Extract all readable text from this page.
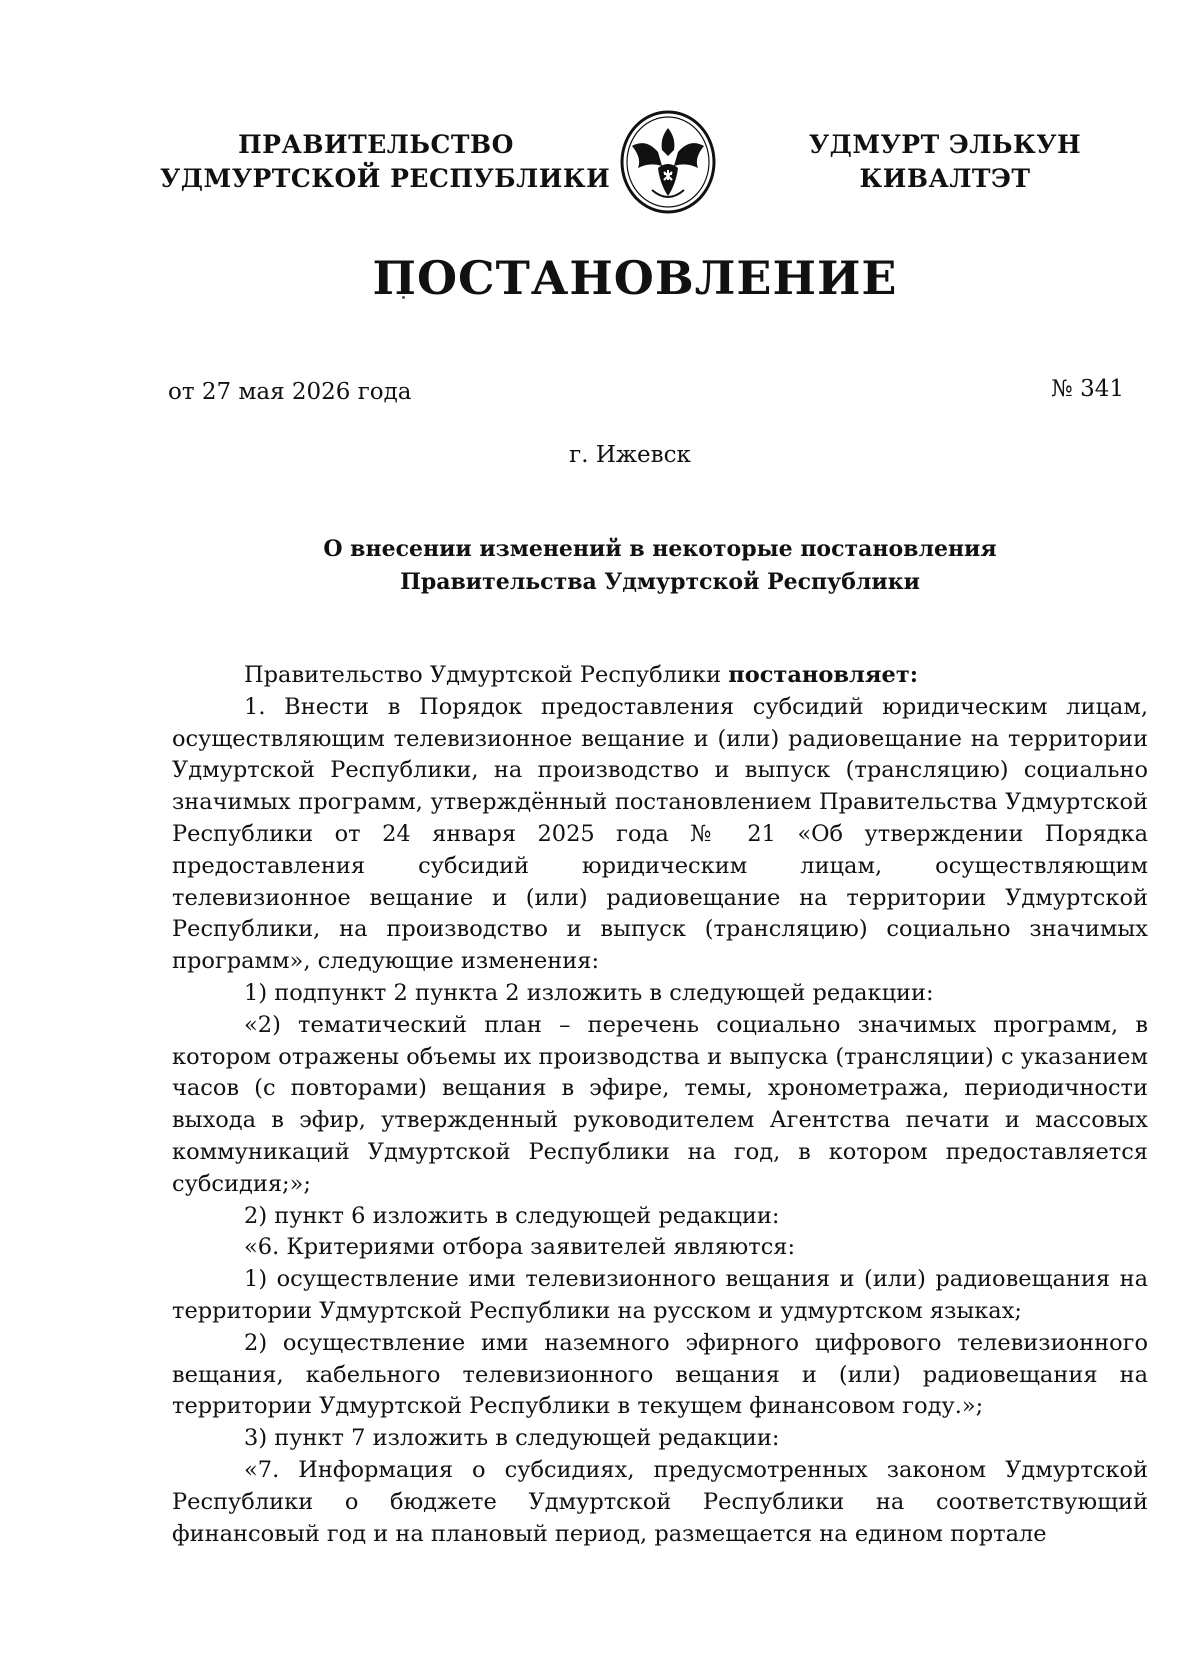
ПРАВИТЕЛЬСТВО
УДМУРТСКОЙ РЕСПУБЛИКИ
УДМУРТ ЭЛЬКУН
КИВАЛТЭТ
ПОСТАНОВЛЕНИЕ
от 27 мая 2026 года	№ 341
г. Ижевск
О внесении изменений в некоторые постановления
Правительства Удмуртской Республики

Правительство Удмуртской Республики постановляет:

1. Внести в Порядок предоставления субсидий юридическим лицам, осуществляющим телевизионное вещание и (или) радиовещание на территории Удмуртской Республики, на производство и выпуск (трансляцию) социально значимых программ, утверждённый постановлением Правительства Удмуртской Республики от 24 января 2025 года № 21 «Об утверждении Порядка предоставления субсидий юридическим лицам, осуществляющим телевизионное вещание и (или) радиовещание на территории Удмуртской Республики, на производство и выпуск (трансляцию) социально значимых программ», следующие изменения:

1) подпункт 2 пункта 2 изложить в следующей редакции:

«2) тематический план – перечень социально значимых программ, в котором отражены объемы их производства и выпуска (трансляции) с указанием часов (с повторами) вещания в эфире, темы, хронометража, периодичности выхода в эфир, утвержденный руководителем Агентства печати и массовых коммуникаций Удмуртской Республики на год, в котором предоставляется субсидия;»;

2) пункт 6 изложить в следующей редакции:

«6. Критериями отбора заявителей являются:

1) осуществление ими телевизионного вещания и (или) радиовещания на территории Удмуртской Республики на русском и удмуртском языках;

2) осуществление ими наземного эфирного цифрового телевизионного вещания, кабельного телевизионного вещания и (или) радиовещания на территории Удмуртской Республики в текущем финансовом году.»;

3) пункт 7 изложить в следующей редакции:

«7. Информация о субсидиях, предусмотренных законом Удмуртской Республики о бюджете Удмуртской Республики на соответствующий финансовый год и на плановый период, размещается на едином портале
